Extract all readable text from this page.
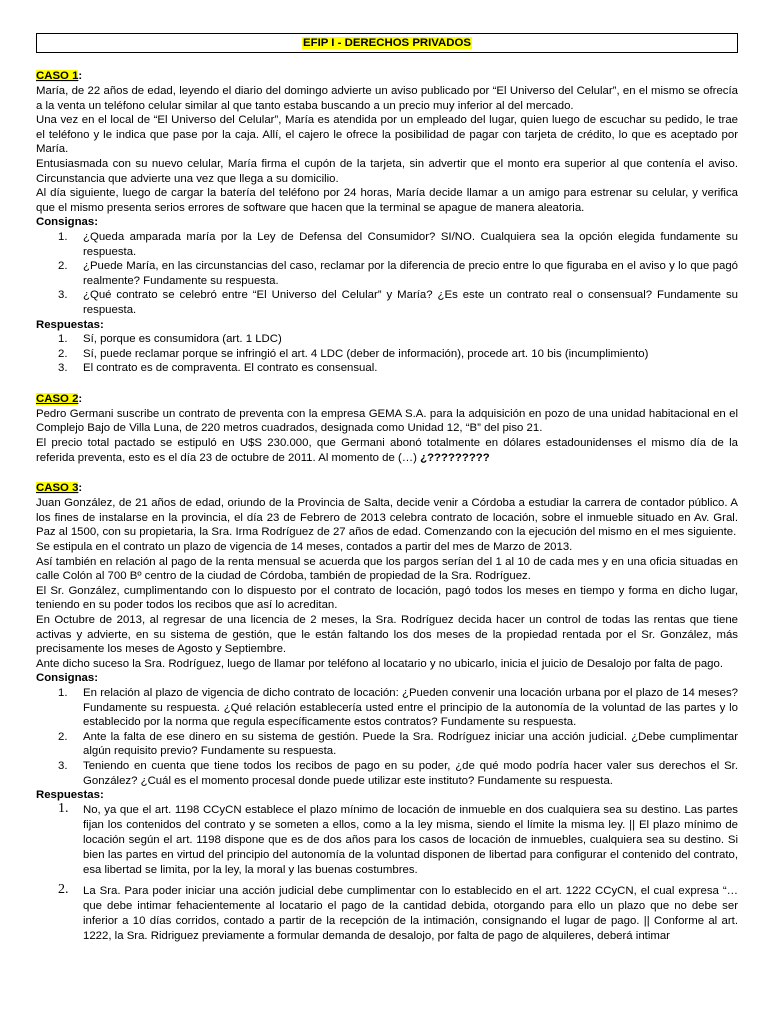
EFIP I - DERECHOS PRIVADOS
CASO 1:

María, de 22 años de edad, leyendo el diario del domingo advierte un aviso publicado por “El Universo del Celular”, en el mismo se ofrecía a la venta un teléfono celular similar al que tanto estaba buscando a un precio muy inferior al del mercado.

Una vez en el local de “El Universo del Celular”, María es atendida por un empleado del lugar, quien luego de escuchar su pedido, le trae el teléfono y le indica que pase por la caja. Allí, el cajero le ofrece la posibilidad de pagar con tarjeta de crédito, lo que es aceptado por María.

Entusiasmada con su nuevo celular, María firma el cupón de la tarjeta, sin advertir que el monto era superior al que contenía el aviso. Circunstancia que advierte una vez que llega a su domicilio.

Al día siguiente, luego de cargar la batería del teléfono por 24 horas, María decide llamar a un amigo para estrenar su celular, y verifica que el mismo presenta serios errores de software que hacen que la terminal se apague de manera aleatoria.

Consignas:
1.	¿Queda amparada maría por la Ley de Defensa del Consumidor? SI/NO. Cualquiera sea la opción elegida fundamente su respuesta.
2.	¿Puede María, en las circunstancias del caso, reclamar por la diferencia de precio entre lo que figuraba en el aviso y lo que pagó realmente? Fundamente su respuesta.
3.	¿Qué contrato se celebró entre “El Universo del Celular” y María? ¿Es este un contrato real o consensual? Fundamente su respuesta.
Respuestas:
1.	Sí, porque es consumidora (art. 1 LDC)
2.	Sí, puede reclamar porque se infringió el art. 4 LDC (deber de información), procede art. 10 bis (incumplimiento)
3.	El contrato es de compraventa. El contrato es consensual.
CASO 2:

Pedro Germani suscribe un contrato de preventa con la empresa GEMA S.A. para la adquisición en pozo de una unidad habitacional en el Complejo Bajo de Villa Luna, de 220 metros cuadrados, designada como Unidad 12, “B” del piso 21.

El precio total pactado se estipuló en U$S 230.000, que Germani abonó totalmente en dólares estadounidenses el mismo día de la referida preventa, esto es el día 23 de octubre de 2011. Al momento de (…) ¿?????????

CASO 3:

Juan González, de 21 años de edad, oriundo de la Provincia de Salta, decide venir a Córdoba a estudiar la carrera de contador público. A los fines de instalarse en la provincia, el día 23 de Febrero de 2013 celebra contrato de locación, sobre el inmueble situado en Av. Gral. Paz al 1500, con su propietaria, la Sra. Irma Rodríguez de 27 años de edad. Comenzando con la ejecución del mismo en el mes siguiente.

Se estipula en el contrato un plazo de vigencia de 14 meses, contados a partir del mes de Marzo de 2013.

Así también en relación al pago de la renta mensual se acuerda que los pargos serían del 1 al 10 de cada mes y en una oficia situadas en calle Colón al 700 Bº centro de la ciudad de Córdoba, también de propiedad de la Sra. Rodríguez.

El Sr. González, cumplimentando con lo dispuesto por el contrato de locación, pagó todos los meses en tiempo y forma en dicho lugar, teniendo en su poder todos los recibos que así lo acreditan.

En Octubre de 2013, al regresar de una licencia de 2 meses, la Sra. Rodríguez decida hacer un control de todas las rentas que tiene activas y advierte, en su sistema de gestión, que le están faltando los dos meses de la propiedad rentada por el Sr. González, más precisamente los meses de Agosto y Septiembre.

Ante dicho suceso la Sra. Rodríguez, luego de llamar por teléfono al locatario y no ubicarlo, inicia el juicio de Desalojo por falta de pago.

Consignas:
1.	En relación al plazo de vigencia de dicho contrato de locación: ¿Pueden convenir una locación urbana por el plazo de 14 meses? Fundamente su respuesta. ¿Qué relación establecería usted entre el principio de la autonomía de la voluntad de las partes y lo establecido por la norma que regula específicamente estos contratos? Fundamente su respuesta.
2.	Ante la falta de ese dinero en su sistema de gestión. Puede la Sra. Rodríguez iniciar una acción judicial. ¿Debe cumplimentar algún requisito previo? Fundamente su respuesta.
3.	Teniendo en cuenta que tiene todos los recibos de pago en su poder, ¿de qué modo podría hacer valer sus derechos el Sr. González? ¿Cuál es el momento procesal donde puede utilizar este instituto? Fundamente su respuesta.
Respuestas:
1.	No, ya que el art. 1198 CCyCN establece el plazo mínimo de locación de inmueble en dos cualquiera sea su destino. Las partes fijan los contenidos del contrato y se someten a ellos, como a la ley misma, siendo el límite la misma ley. || El plazo mínimo de locación según el art. 1198 dispone que es de dos años para los casos de locación de inmuebles, cualquiera sea su destino. Si bien las partes en virtud del principio del autonomía de la voluntad disponen de libertad para configurar el contenido del contrato, esa libertad se limita, por la ley, la moral y las buenas costumbres.
2.	La Sra. Para poder iniciar una acción judicial debe cumplimentar con lo establecido en el art. 1222 CCyCN, el cual expresa “… que debe intimar fehacientemente al locatario el pago de la cantidad debida, otorgando para ello un plazo que no debe ser inferior a 10 días corridos, contado a partir de la recepción de la intimación, consignando el lugar de pago. || Conforme al art. 1222, la Sra. Ridriguez previamente a formular demanda de desalojo, por falta de pago de alquileres, deberá intimar
